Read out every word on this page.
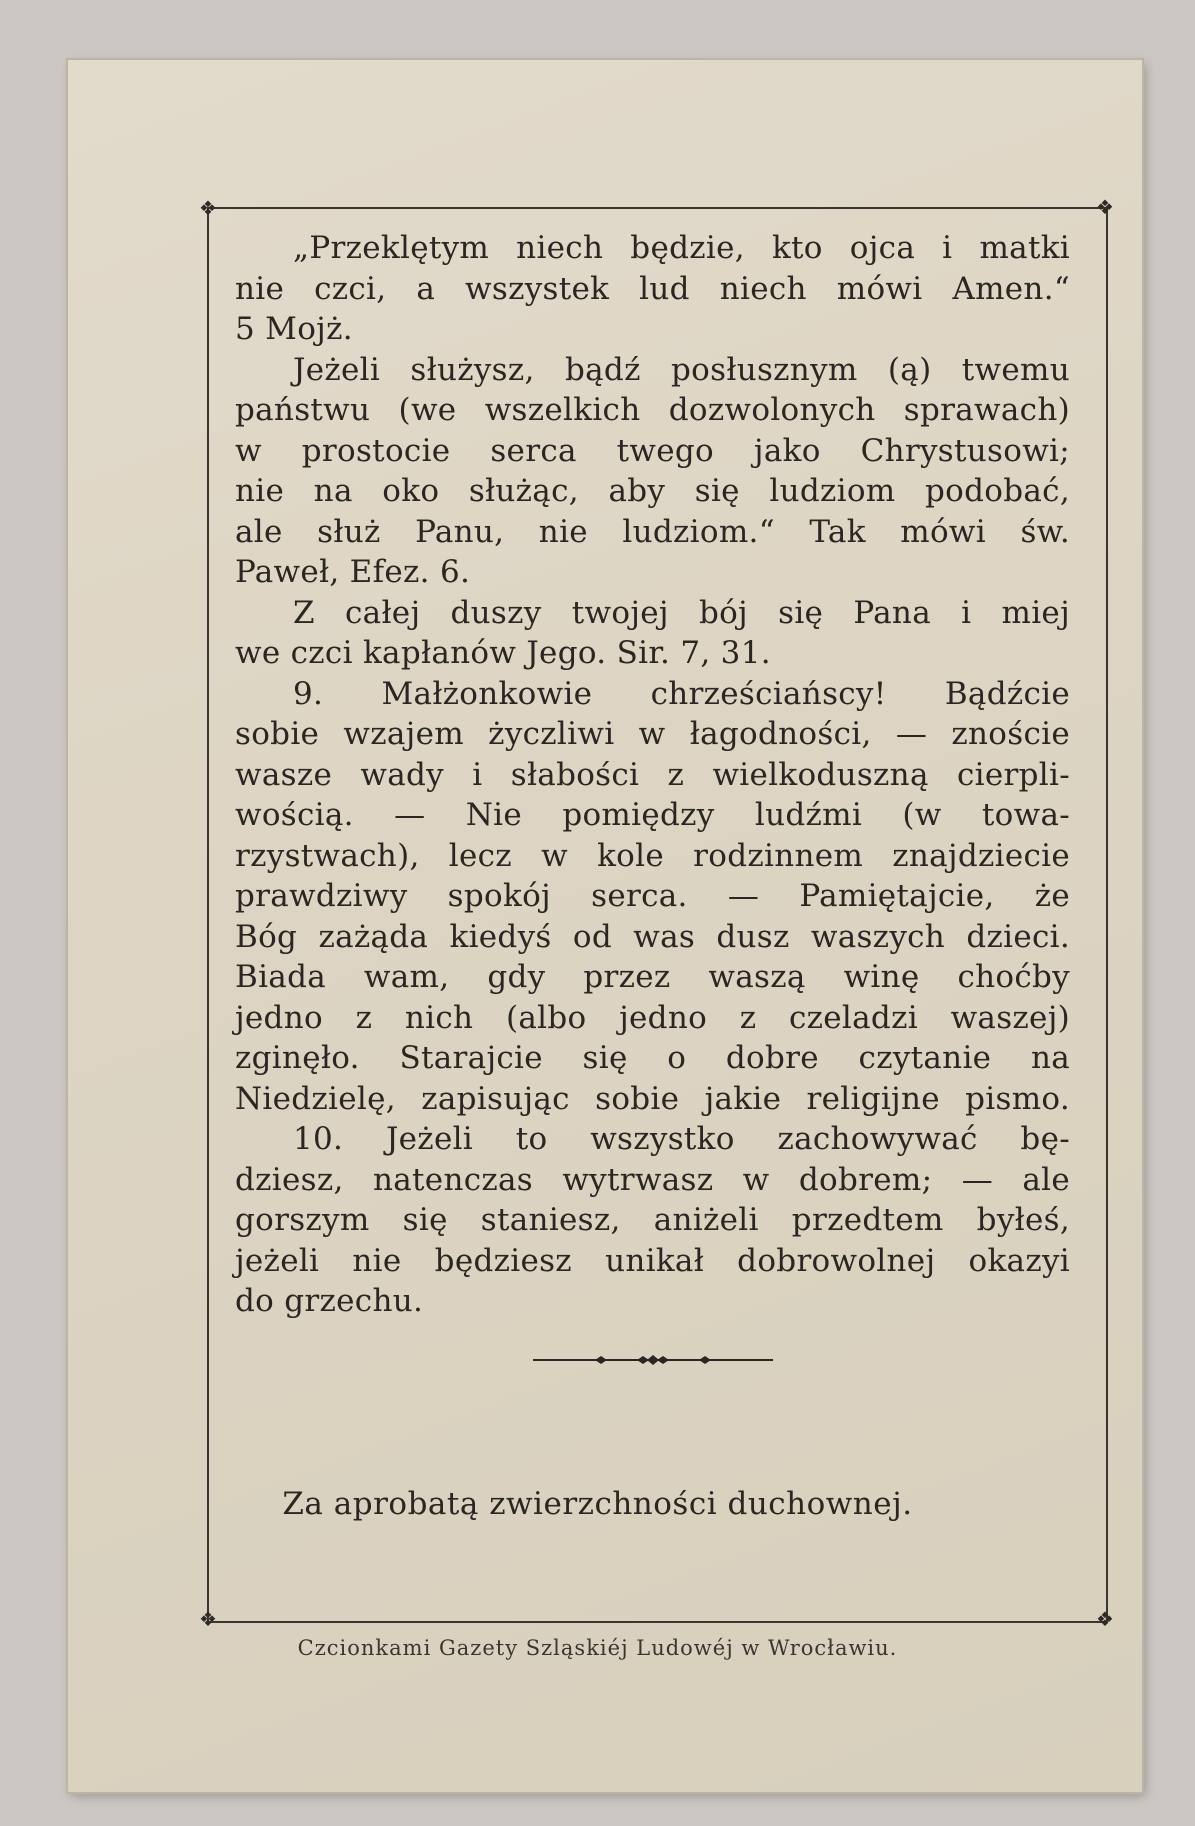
❖	❖
❖	❖
„Przeklętym niech będzie, kto ojca i matki
nie czci, a wszystek lud niech mówi Amen.“
5 Mojż.
Jeżeli służysz, bądź posłusznym (ą) twemu
państwu (we wszelkich dozwolonych sprawach)
w prostocie serca twego jako Chrystusowi;
nie na oko służąc, aby się ludziom podobać,
ale służ Panu, nie ludziom.“ Tak mówi św.
Paweł, Efez. 6.
Z całej duszy twojej bój się Pana i miej
we czci kapłanów Jego. Sir. 7, 31.
9. Małżonkowie chrześciańscy! Bądźcie
sobie wzajem życzliwi w łagodności, — znoście
wasze wady i słabości z wielkoduszną cierpli-
wością. — Nie pomiędzy ludźmi (w towa-
rzystwach), lecz w kole rodzinnem znajdziecie
prawdziwy spokój serca. — Pamiętajcie, że
Bóg zażąda kiedyś od was dusz waszych dzieci.
Biada wam, gdy przez waszą winę choćby
jedno z nich (albo jedno z czeladzi waszej)
zginęło. Starajcie się o dobre czytanie na
Niedzielę, zapisując sobie jakie religijne pismo.
10. Jeżeli to wszystko zachowywać bę-
dziesz, natenczas wytrwasz w dobrem; — ale
gorszym się staniesz, aniżeli przedtem byłeś,
jeżeli nie będziesz unikał dobrowolnej okazyi
do grzechu.
Za aprobatą zwierzchności duchownej.
Czcionkami Gazety Szląskiéj Ludowéj w Wrocławiu.
